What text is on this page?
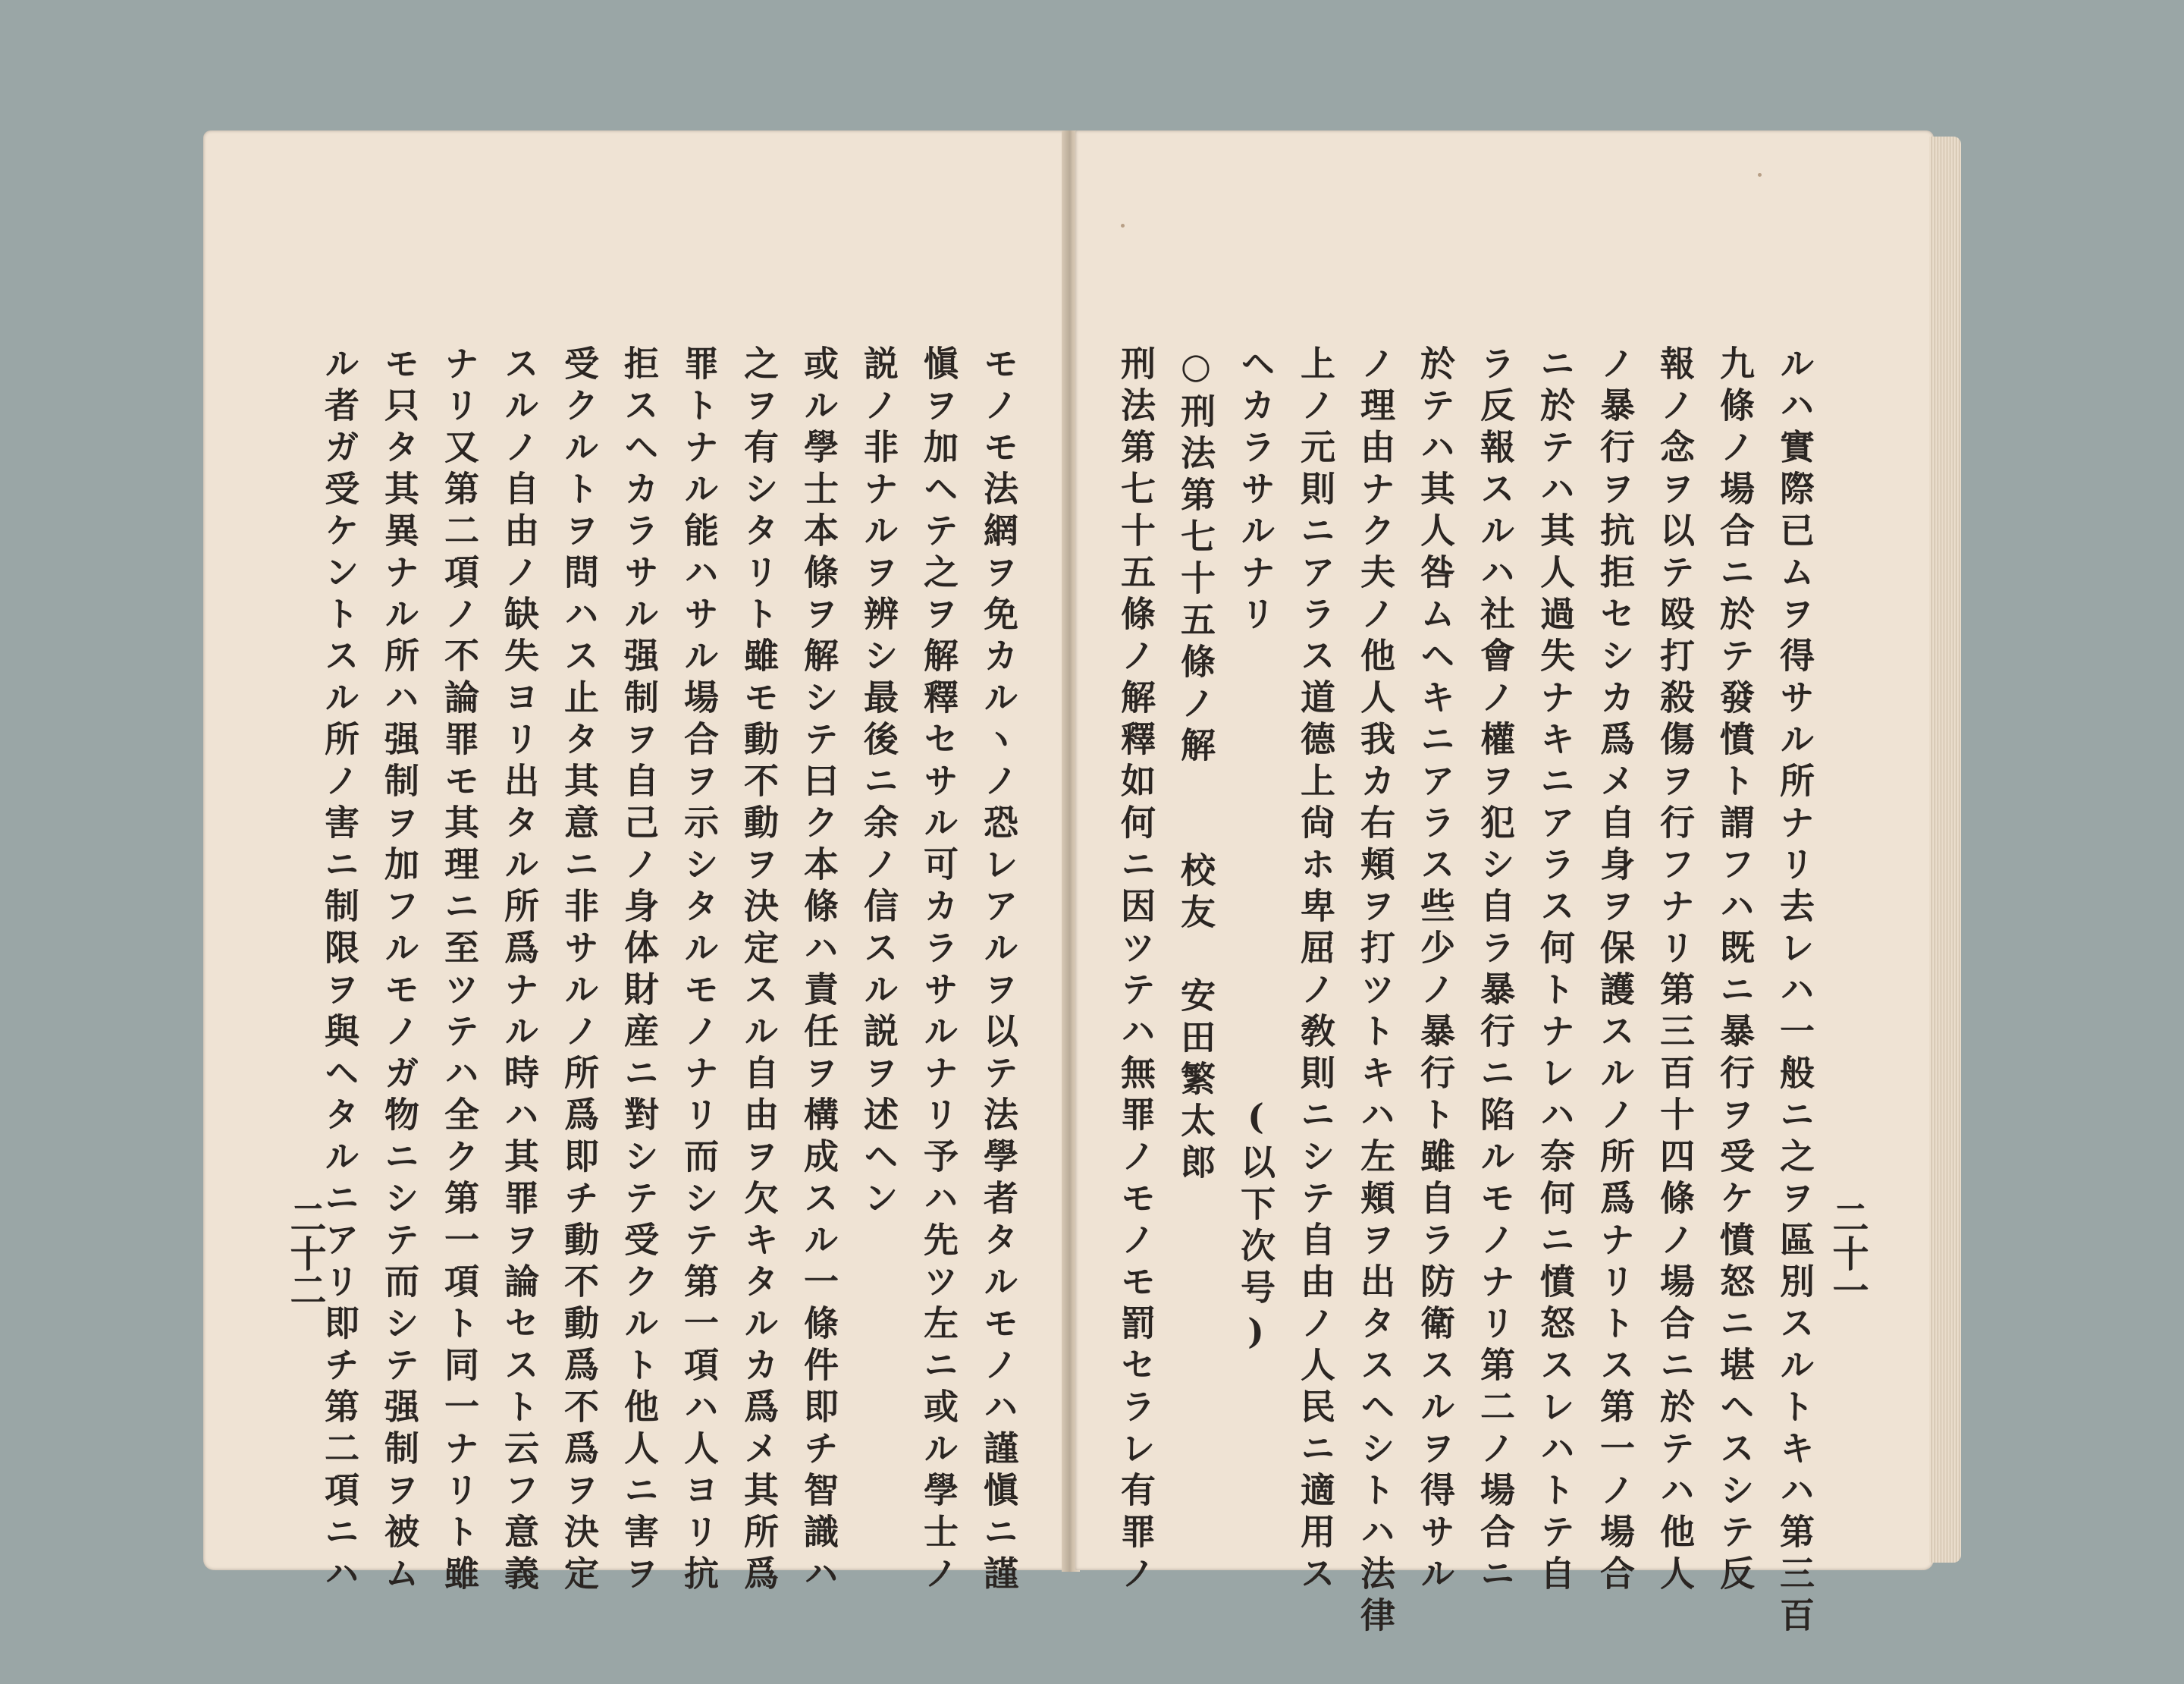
ルハ實際已ムヲ得サル所ナリ去レハ一般ニ之ヲ區別スルトキハ第三百
九條ノ場合ニ於テ發憤ト謂フハ既ニ暴行ヲ受ケ憤怒ニ堪ヘスシテ反
報ノ念ヲ以テ殴打殺傷ヲ行フナリ第三百十四條ノ場合ニ於テハ他人
ノ暴行ヲ抗拒セシカ爲メ自身ヲ保護スルノ所爲ナリトス第一ノ場合
ニ於テハ其人過失ナキニアラス何トナレハ奈何ニ憤怒スレハトテ自
ラ反報スルハ社會ノ權ヲ犯シ自ラ暴行ニ陷ルモノナリ第二ノ場合ニ
於テハ其人咎ムヘキニアラス些少ノ暴行ト雖自ラ防衛スルヲ得サル
ノ理由ナク夫ノ他人我カ右頬ヲ打ツトキハ左頬ヲ出タスヘシトハ法律
上ノ元則ニアラス道德上尙ホ卑屈ノ敎則ニシテ自由ノ人民ニ適用ス
ヘカラサルナリ
(以下次号)
○刑法第七十五條ノ解　　校友　安田繁太郎
刑法第七十五條ノ解釋如何ニ因ツテハ無罪ノモノモ罰セラレ有罪ノ	二十一
モノモ法網ヲ免カルヽノ恐レアルヲ以テ法學者タルモノハ謹愼ニ謹
愼ヲ加ヘテ之ヲ解釋セサル可カラサルナリ予ハ先ツ左ニ或ル學士ノ
説ノ非ナルヲ辨シ最後ニ余ノ信スル説ヲ述ヘン
或ル學士本條ヲ解シテ曰ク本條ハ責任ヲ構成スル一條件即チ智識ハ
之ヲ有シタリト雖モ動不動ヲ決定スル自由ヲ欠キタルカ爲メ其所爲
罪トナル能ハサル場合ヲ示シタルモノナリ而シテ第一項ハ人ヨリ抗
拒スヘカラサル强制ヲ自己ノ身体財産ニ對シテ受クルト他人ニ害ヲ
受クルトヲ問ハス止タ其意ニ非サルノ所爲即チ動不動爲不爲ヲ決定
スルノ自由ノ缺失ヨリ出タル所爲ナル時ハ其罪ヲ論セスト云フ意義
ナリ又第二項ノ不論罪モ其理ニ至ツテハ全ク第一項ト同一ナリト雖
モ只タ其異ナル所ハ强制ヲ加フルモノガ物ニシテ而シテ强制ヲ被ム
ル者ガ受ケントスル所ノ害ニ制限ヲ與ヘタルニアリ即チ第二項ニハ
二十二
